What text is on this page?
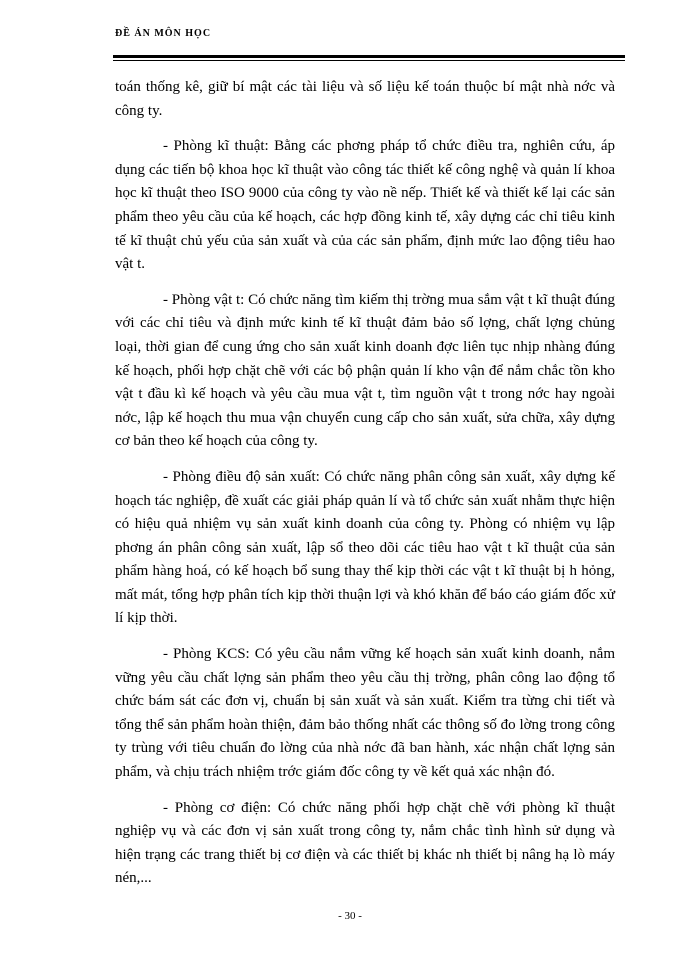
ĐỀ ÁN MÔN HỌC

toán thống kê, giữ bí mật các tài liệu và số liệu kế toán thuộc bí mật nhà nớc và công ty.

- Phòng kĩ thuật: Bằng các phơng pháp tổ chức điều tra, nghiên cứu, áp dụng các tiến bộ khoa học kĩ thuật vào công tác thiết kế công nghệ và quản lí khoa học kĩ thuật theo ISO 9000 của công ty vào nề nếp. Thiết kế và thiết kế lại các sản phẩm theo yêu cầu của kế hoạch, các hợp đồng kinh tế, xây dựng các chỉ tiêu kinh tế kĩ thuật chủ yếu của sản xuất và của các sản phẩm, định mức lao động tiêu hao vật t.

- Phòng vật t: Có chức năng tìm kiếm thị trờng mua sắm vật t kĩ thuật đúng với các chỉ tiêu và định mức kinh tế kĩ thuật đảm bảo số lợng, chất lợng chủng loại, thời gian để cung ứng cho sản xuất kinh doanh đợc liên tục nhịp nhàng đúng kế hoạch, phối hợp chặt chẽ với các bộ phận quản lí kho vận để nắm chắc tồn kho vật t đầu kì kế hoạch và yêu cầu mua vật t, tìm nguồn vật t trong nớc hay ngoài nớc, lập kế hoạch thu mua vận chuyển cung cấp cho sản xuất, sửa chữa, xây dựng cơ bản theo kế hoạch của công ty.

- Phòng điều độ sản xuất: Có chức năng phân công sản xuất, xây dựng kế hoạch tác nghiệp, đề xuất các giải pháp quản lí và tổ chức sản xuất nhằm thực hiện có hiệu quả nhiệm vụ sản xuất kinh doanh của công ty. Phòng có nhiệm vụ lập phơng án phân công sản xuất, lập sổ theo dõi các tiêu hao vật t kĩ thuật của sản phẩm hàng hoá, có kế hoạch bổ sung thay thế kịp thời các vật t kĩ thuật bị h hỏng, mất mát, tổng hợp phân tích kịp thời thuận lợi và khó khăn để báo cáo giám đốc xử lí kịp thời.

- Phòng KCS: Có yêu cầu nắm vững kế hoạch sản xuất kinh doanh, nắm vững yêu cầu chất lợng sản phẩm theo yêu cầu thị trờng, phân công lao động tổ chức bám sát các đơn vị, chuẩn bị sản xuất và sản xuất. Kiểm tra từng chi tiết và tổng thể sản phẩm hoàn thiện, đảm bảo thống nhất các thông số đo lờng trong công ty trùng với tiêu chuẩn đo lờng của nhà nớc đã ban hành, xác nhận chất lợng sản phẩm, và chịu trách nhiệm trớc giám đốc công ty về kết quả xác nhận đó.

- Phòng cơ điện: Có chức năng phối hợp chặt chẽ với phòng kĩ thuật nghiệp vụ và các đơn vị sản xuất trong công ty, nắm chắc tình hình sử dụng và hiện trạng các trang thiết bị cơ điện và các thiết bị khác nh thiết bị nâng hạ lò máy nén,...

- 30 -
